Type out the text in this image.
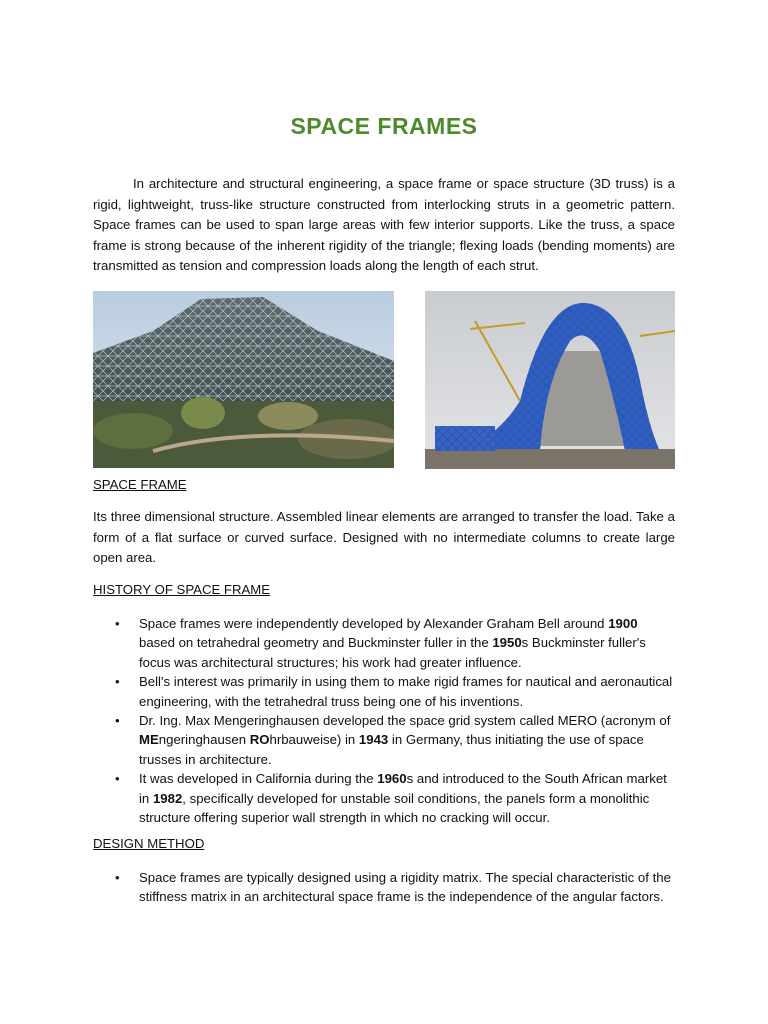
SPACE FRAMES
In architecture and structural engineering, a space frame or space structure (3D truss) is a rigid, lightweight, truss-like structure constructed from interlocking struts in a geometric pattern. Space frames can be used to span large areas with few interior supports. Like the truss, a space frame is strong because of the inherent rigidity of the triangle; flexing loads (bending moments) are transmitted as tension and compression loads along the length of each strut.
SPACE FRAME
Its three dimensional structure. Assembled linear elements are arranged to transfer the load. Take a form of a flat surface or curved surface. Designed with no intermediate columns to create large open area.
HISTORY OF SPACE FRAME
• Space frames were independently developed by Alexander Graham Bell around 1900 based on tetrahedral geometry and Buckminster fuller in the 1950s Buckminster fuller's focus was architectural structures; his work had greater influence.
• Bell's interest was primarily in using them to make rigid frames for nautical and aeronautical engineering, with the tetrahedral truss being one of his inventions.
• Dr. Ing. Max Mengeringhausen developed the space grid system called MERO (acronym of MEngeringhausen ROhrbauweise) in 1943 in Germany, thus initiating the use of space trusses in architecture.
• It was developed in California during the 1960s and introduced to the South African market in 1982, specifically developed for unstable soil conditions, the panels form a monolithic structure offering superior wall strength in which no cracking will occur.
DESIGN METHOD
• Space frames are typically designed using a rigidity matrix. The special characteristic of the stiffness matrix in an architectural space frame is the independence of the angular factors.
